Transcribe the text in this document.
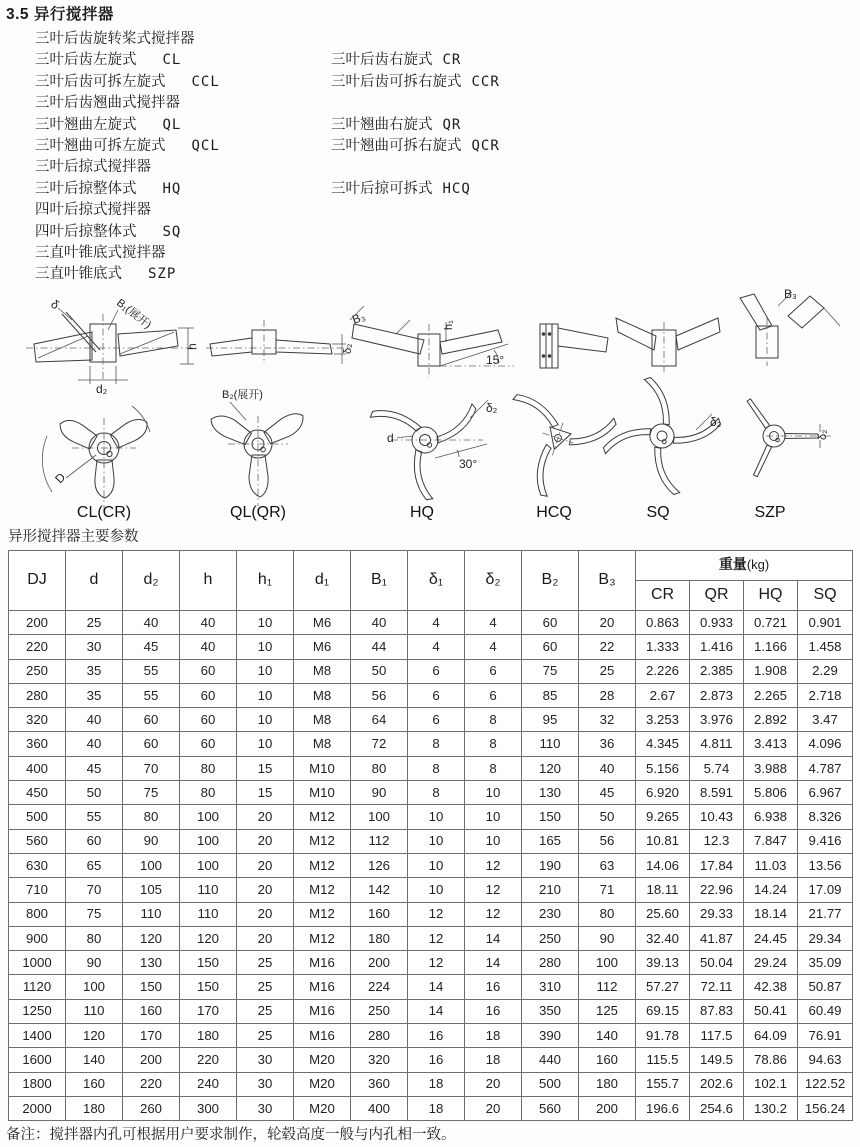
3.5 异行搅拌器
三叶后齿旋转桨式搅拌器
三叶后齿左旋式 CL	三叶后齿右旋式 CR
三叶后齿可拆左旋式 CCL	三叶后齿可拆右旋式 CCR
三叶后齿翘曲式搅拌器
三叶翘曲左旋式 QL	三叶翘曲右旋式 QR
三叶翘曲可拆左旋式 QCL	三叶翘曲可拆右旋式 QCR
三叶后掠式搅拌器
三叶后掠整体式 HQ	三叶后掠可拆式 HCQ
四叶后掠式搅拌器
四叶后掠整体式 SQ
三直叶锥底式搅拌器
三直叶锥底式 SZP
δ	B₁(展开)
h
d₂
δ₂
B₃	h₁
15°
B₃
D
CL(CR)
B₂(展开)
QL(QR)
30°
d
δ₂
HQ	HCQ
δ₂
SQ
δ₂
SZP
异形搅拌器主要参数
DJ	d	d₂	h	h₁	d₁	B₁	δ₁	δ₂	B₂	B₃	重量(kg)			
											CR	QR	HQ	SQ
200	25	40	40	10	M6	40	4	4	60	20	0.863	0.933	0.721	0.901
220	30	45	40	10	M6	44	4	4	60	22	1.333	1.416	1.166	1.458
250	35	55	60	10	M8	50	6	6	75	25	2.226	2.385	1.908	2.29
280	35	55	60	10	M8	56	6	6	85	28	2.67	2.873	2.265	2.718
320	40	60	60	10	M8	64	6	8	95	32	3.253	3.976	2.892	3.47
360	40	60	60	10	M8	72	8	8	110	36	4.345	4.811	3.413	4.096
400	45	70	80	15	M10	80	8	8	120	40	5.156	5.74	3.988	4.787
450	50	75	80	15	M10	90	8	10	130	45	6.920	8.591	5.806	6.967
500	55	80	100	20	M12	100	10	10	150	50	9.265	10.43	6.938	8.326
560	60	90	100	20	M12	112	10	10	165	56	10.81	12.3	7.847	9.416
630	65	100	100	20	M12	126	10	12	190	63	14.06	17.84	11.03	13.56
710	70	105	110	20	M12	142	10	12	210	71	18.11	22.96	14.24	17.09
800	75	110	110	20	M12	160	12	12	230	80	25.60	29.33	18.14	21.77
900	80	120	120	20	M12	180	12	14	250	90	32.40	41.87	24.45	29.34
1000	90	130	150	25	M16	200	12	14	280	100	39.13	50.04	29.24	35.09
1120	100	150	150	25	M16	224	14	16	310	112	57.27	72.11	42.38	50.87
1250	110	160	170	25	M16	250	14	16	350	125	69.15	87.83	50.41	60.49
1400	120	170	180	25	M16	280	16	18	390	140	91.78	117.5	64.09	76.91
1600	140	200	220	30	M20	320	16	18	440	160	115.5	149.5	78.86	94.63
1800	160	220	240	30	M20	360	18	20	500	180	155.7	202.6	102.1	122.52
2000	180	260	300	30	M20	400	18	20	560	200	196.6	254.6	130.2	156.24
备注：搅拌器内孔可根据用户要求制作，轮毂高度一般与内孔相一致。
